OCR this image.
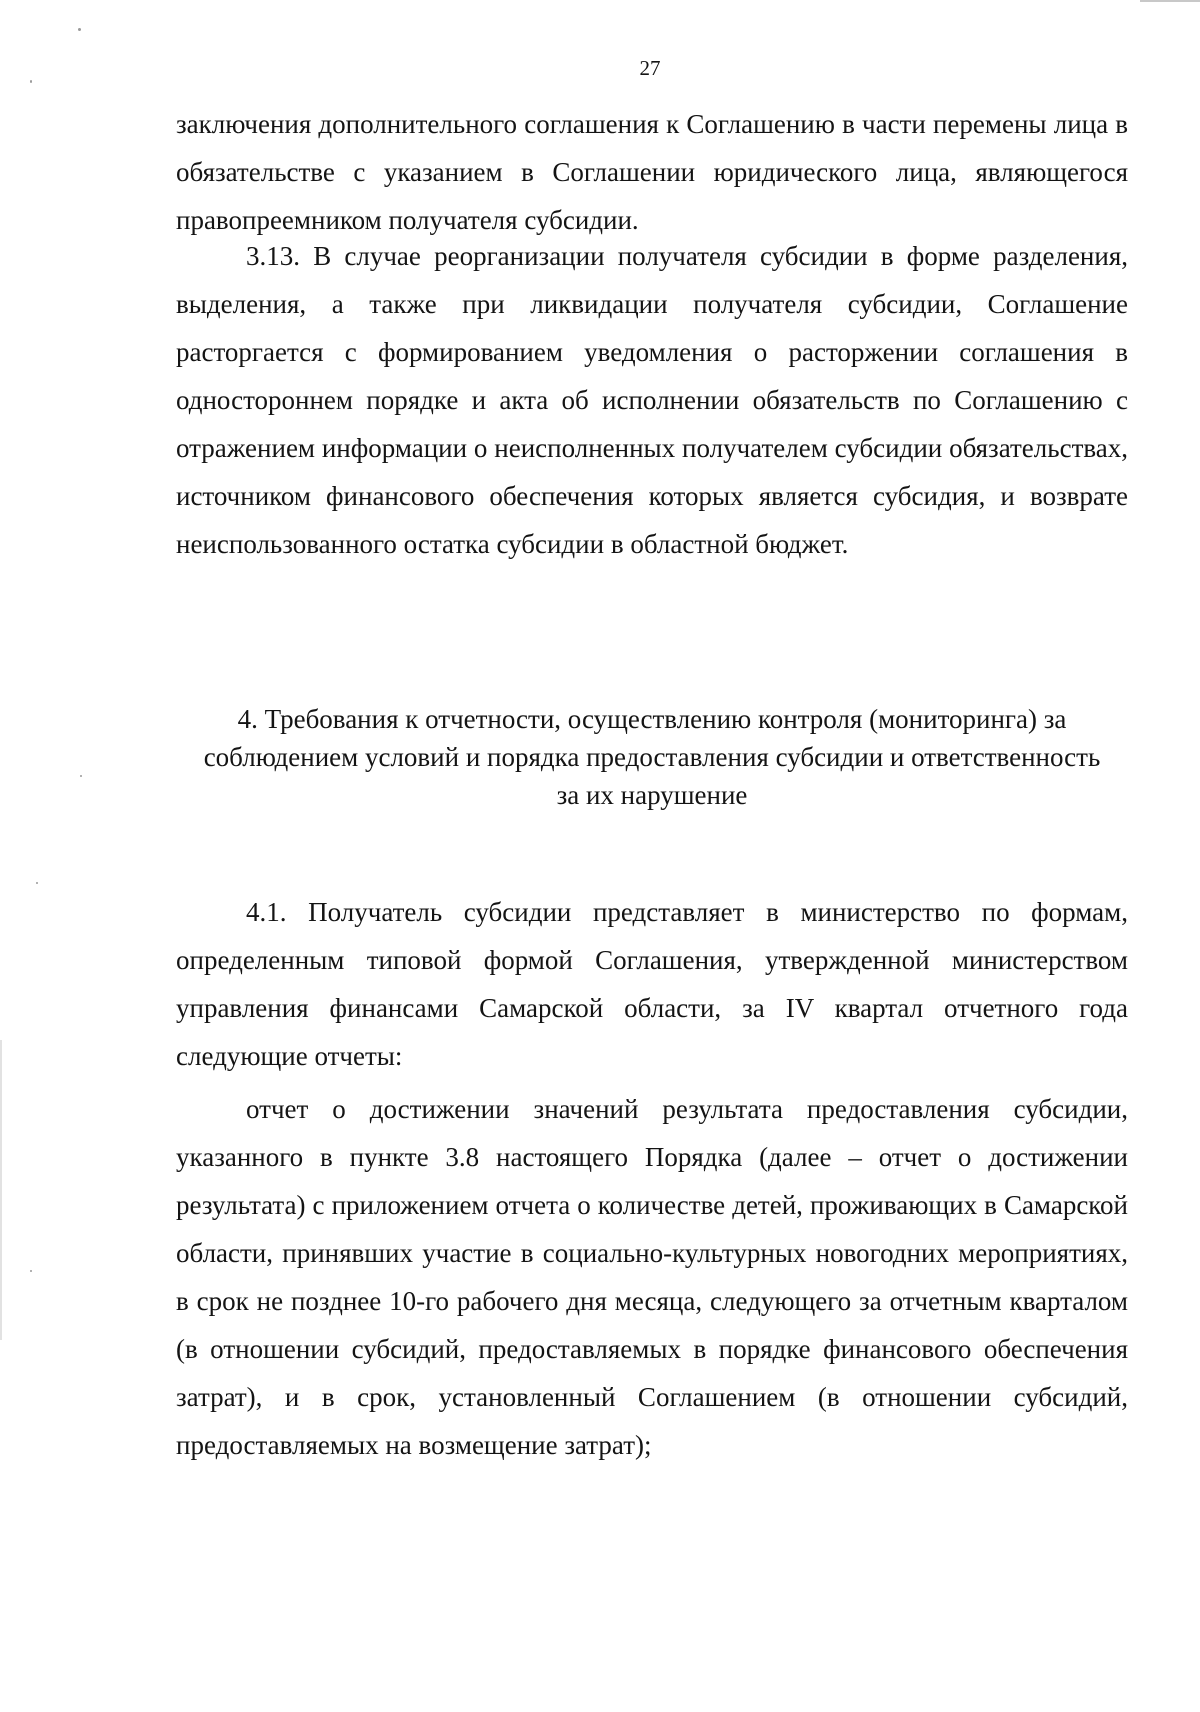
27

заключения дополнительного соглашения к Соглашению в части перемены лица в обязательстве с указанием в Соглашении юридического лица, являющегося правопреемником получателя субсидии.

3.13. В случае реорганизации получателя субсидии в форме разделения, выделения, а также при ликвидации получателя субсидии, Соглашение расторгается с формированием уведомления о расторжении соглашения в одностороннем порядке и акта об исполнении обязательств по Соглашению с отражением информации о неисполненных получателем субсидии обязательствах, источником финансового обеспечения которых является субсидия, и возврате неиспользованного остатка субсидии в областной бюджет.

4. Требования к отчетности, осуществлению контроля (мониторинга) за
соблюдением условий и порядка предоставления субсидии и ответственность
за их нарушение

4.1. Получатель субсидии представляет в министерство по формам, определенным типовой формой Соглашения, утвержденной министерством управления финансами Самарской области, за IV квартал отчетного года следующие отчеты:

отчет о достижении значений результата предоставления субсидии, указанного в пункте 3.8 настоящего Порядка (далее – отчет о достижении результата) с приложением отчета о количестве детей, проживающих в Самарской области, принявших участие в социально-культурных новогодних мероприятиях, в срок не позднее 10-го рабочего дня месяца, следующего за отчетным кварталом (в отношении субсидий, предоставляемых в порядке финансового обеспечения затрат), и в срок, установленный Соглашением (в отношении субсидий, предоставляемых на возмещение затрат);
